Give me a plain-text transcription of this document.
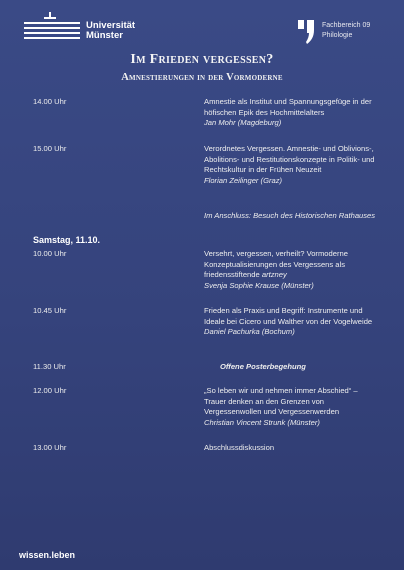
Universität
Münster
Fachbereich 09
Philologie
Im Frieden vergessen?
Amnestierungen in der Vormoderne
14.00 Uhr	Amnestie als Institut und Spannungsgefüge in der höfischen Epik des Hochmittelalters
Jan Mohr (Magdeburg)
15.00 Uhr	Verordnetes Vergessen. Amnestie- und Oblivions-, Abolitions- und Restitutionskonzepte in Politik- und Rechtskultur in der Frühen Neuzeit
Florian Zeilinger (Graz)
Im Anschluss: Besuch des Historischen Rathauses
Samstag, 11.10.
10.00 Uhr	Versehrt, vergessen, verheilt? Vormoderne Konzeptualisierungen des Vergessens als friedensstiftende artzney
Svenja Sophie Krause (Münster)
10.45 Uhr	Frieden als Praxis und Begriff: Instrumente und Ideale bei Cicero und Walther von der Vogelweide
Daniel Pachurka (Bochum)
11.30 Uhr	Offene Posterbegehung
12.00 Uhr	„So leben wir und nehmen immer Abschied“ – Trauer denken an den Grenzen von Vergessenwollen und Vergessenwerden
Christian Vincent Strunk (Münster)
13.00 Uhr	Abschlussdiskussion
wissen.leben
